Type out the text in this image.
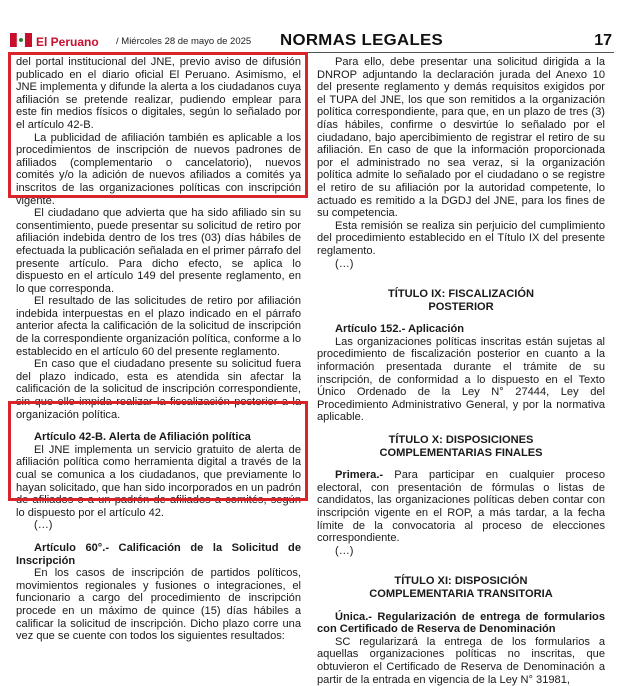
El Peruano / Miércoles 28 de mayo de 2025 NORMAS LEGALES	17

del portal institucional del JNE, previo aviso de difusión publicado en el diario oficial El Peruano. Asimismo, el JNE implementa y difunde la alerta a los ciudadanos cuya afiliación se pretende realizar, pudiendo emplear para este fin medios físicos o digitales, según lo señalado por el artículo 42-B.

La publicidad de afiliación también es aplicable a los procedimientos de inscripción de nuevos padrones de afiliados (complementario o cancelatorio), nuevos comités y/o la adición de nuevos afiliados a comités ya inscritos de las organizaciones políticas con inscripción vigente.

El ciudadano que advierta que ha sido afiliado sin su consentimiento, puede presentar su solicitud de retiro por afiliación indebida dentro de los tres (03) días hábiles de efectuada la publicación señalada en el primer párrafo del presente artículo. Para dicho efecto, se aplica lo dispuesto en el artículo 149 del presente reglamento, en lo que corresponda.

El resultado de las solicitudes de retiro por afiliación indebida interpuestas en el plazo indicado en el párrafo anterior afecta la calificación de la solicitud de inscripción de la correspondiente organización política, conforme a lo establecido en el artículo 60 del presente reglamento.

En caso que el ciudadano presente su solicitud fuera del plazo indicado, esta es atendida sin afectar la calificación de la solicitud de inscripción correspondiente, sin que ello impida realizar la fiscalización posterior a la organización política.

Artículo 42-B. Alerta de Afiliación política

El JNE implementa un servicio gratuito de alerta de afiliación política como herramienta digital a través de la cual se comunica a los ciudadanos, que previamente lo hayan solicitado, que han sido incorporados en un padrón de afiliados o a un padrón de afiliados a comités, según lo dispuesto por el artículo 42.

(…)

Artículo 60°.- Calificación de la Solicitud de Inscripción

En los casos de inscripción de partidos políticos, movimientos regionales y fusiones o integraciones, el funcionario a cargo del procedimiento de inscripción procede en un máximo de quince (15) días hábiles a calificar la solicitud de inscripción. Dicho plazo corre una vez que se cuente con todos los siguientes resultados:

Para ello, debe presentar una solicitud dirigida a la DNROP adjuntando la declaración jurada del Anexo 10 del presente reglamento y demás requisitos exigidos por el TUPA del JNE, los que son remitidos a la organización política correspondiente, para que, en un plazo de tres (3) días hábiles, confirme o desvirtúe lo señalado por el ciudadano, bajo apercibimiento de registrar el retiro de su afiliación. En caso de que la información proporcionada por el administrado no sea veraz, si la organización política admite lo señalado por el ciudadano o se registre el retiro de su afiliación por la autoridad competente, lo actuado es remitido a la DGDJ del JNE, para los fines de su competencia.

Esta remisión se realiza sin perjuicio del cumplimiento del procedimiento establecido en el Título IX del presente reglamento.

(…)

TÍTULO IX: FISCALIZACIÓN
POSTERIOR

Artículo 152.- Aplicación

Las organizaciones políticas inscritas están sujetas al procedimiento de fiscalización posterior en cuanto a la información presentada durante el trámite de su inscripción, de conformidad a lo dispuesto en el Texto Único Ordenado de la Ley N° 27444, Ley del Procedimiento Administrativo General, y por la normativa aplicable.

TÍTULO X: DISPOSICIONES
COMPLEMENTARIAS FINALES

Primera.- Para participar en cualquier proceso electoral, con presentación de fórmulas o listas de candidatos, las organizaciones políticas deben contar con inscripción vigente en el ROP, a más tardar, a la fecha límite de la convocatoria al proceso de elecciones correspondiente.

(…)

TÍTULO XI: DISPOSICIÓN
COMPLEMENTARIA TRANSITORIA

Única.- Regularización de entrega de formularios con Certificado de Reserva de Denominación

SC regularizará la entrega de los formularios a aquellas organizaciones políticas no inscritas, que obtuvieron el Certificado de Reserva de Denominación a partir de la entrada en vigencia de la Ley N° 31981,
